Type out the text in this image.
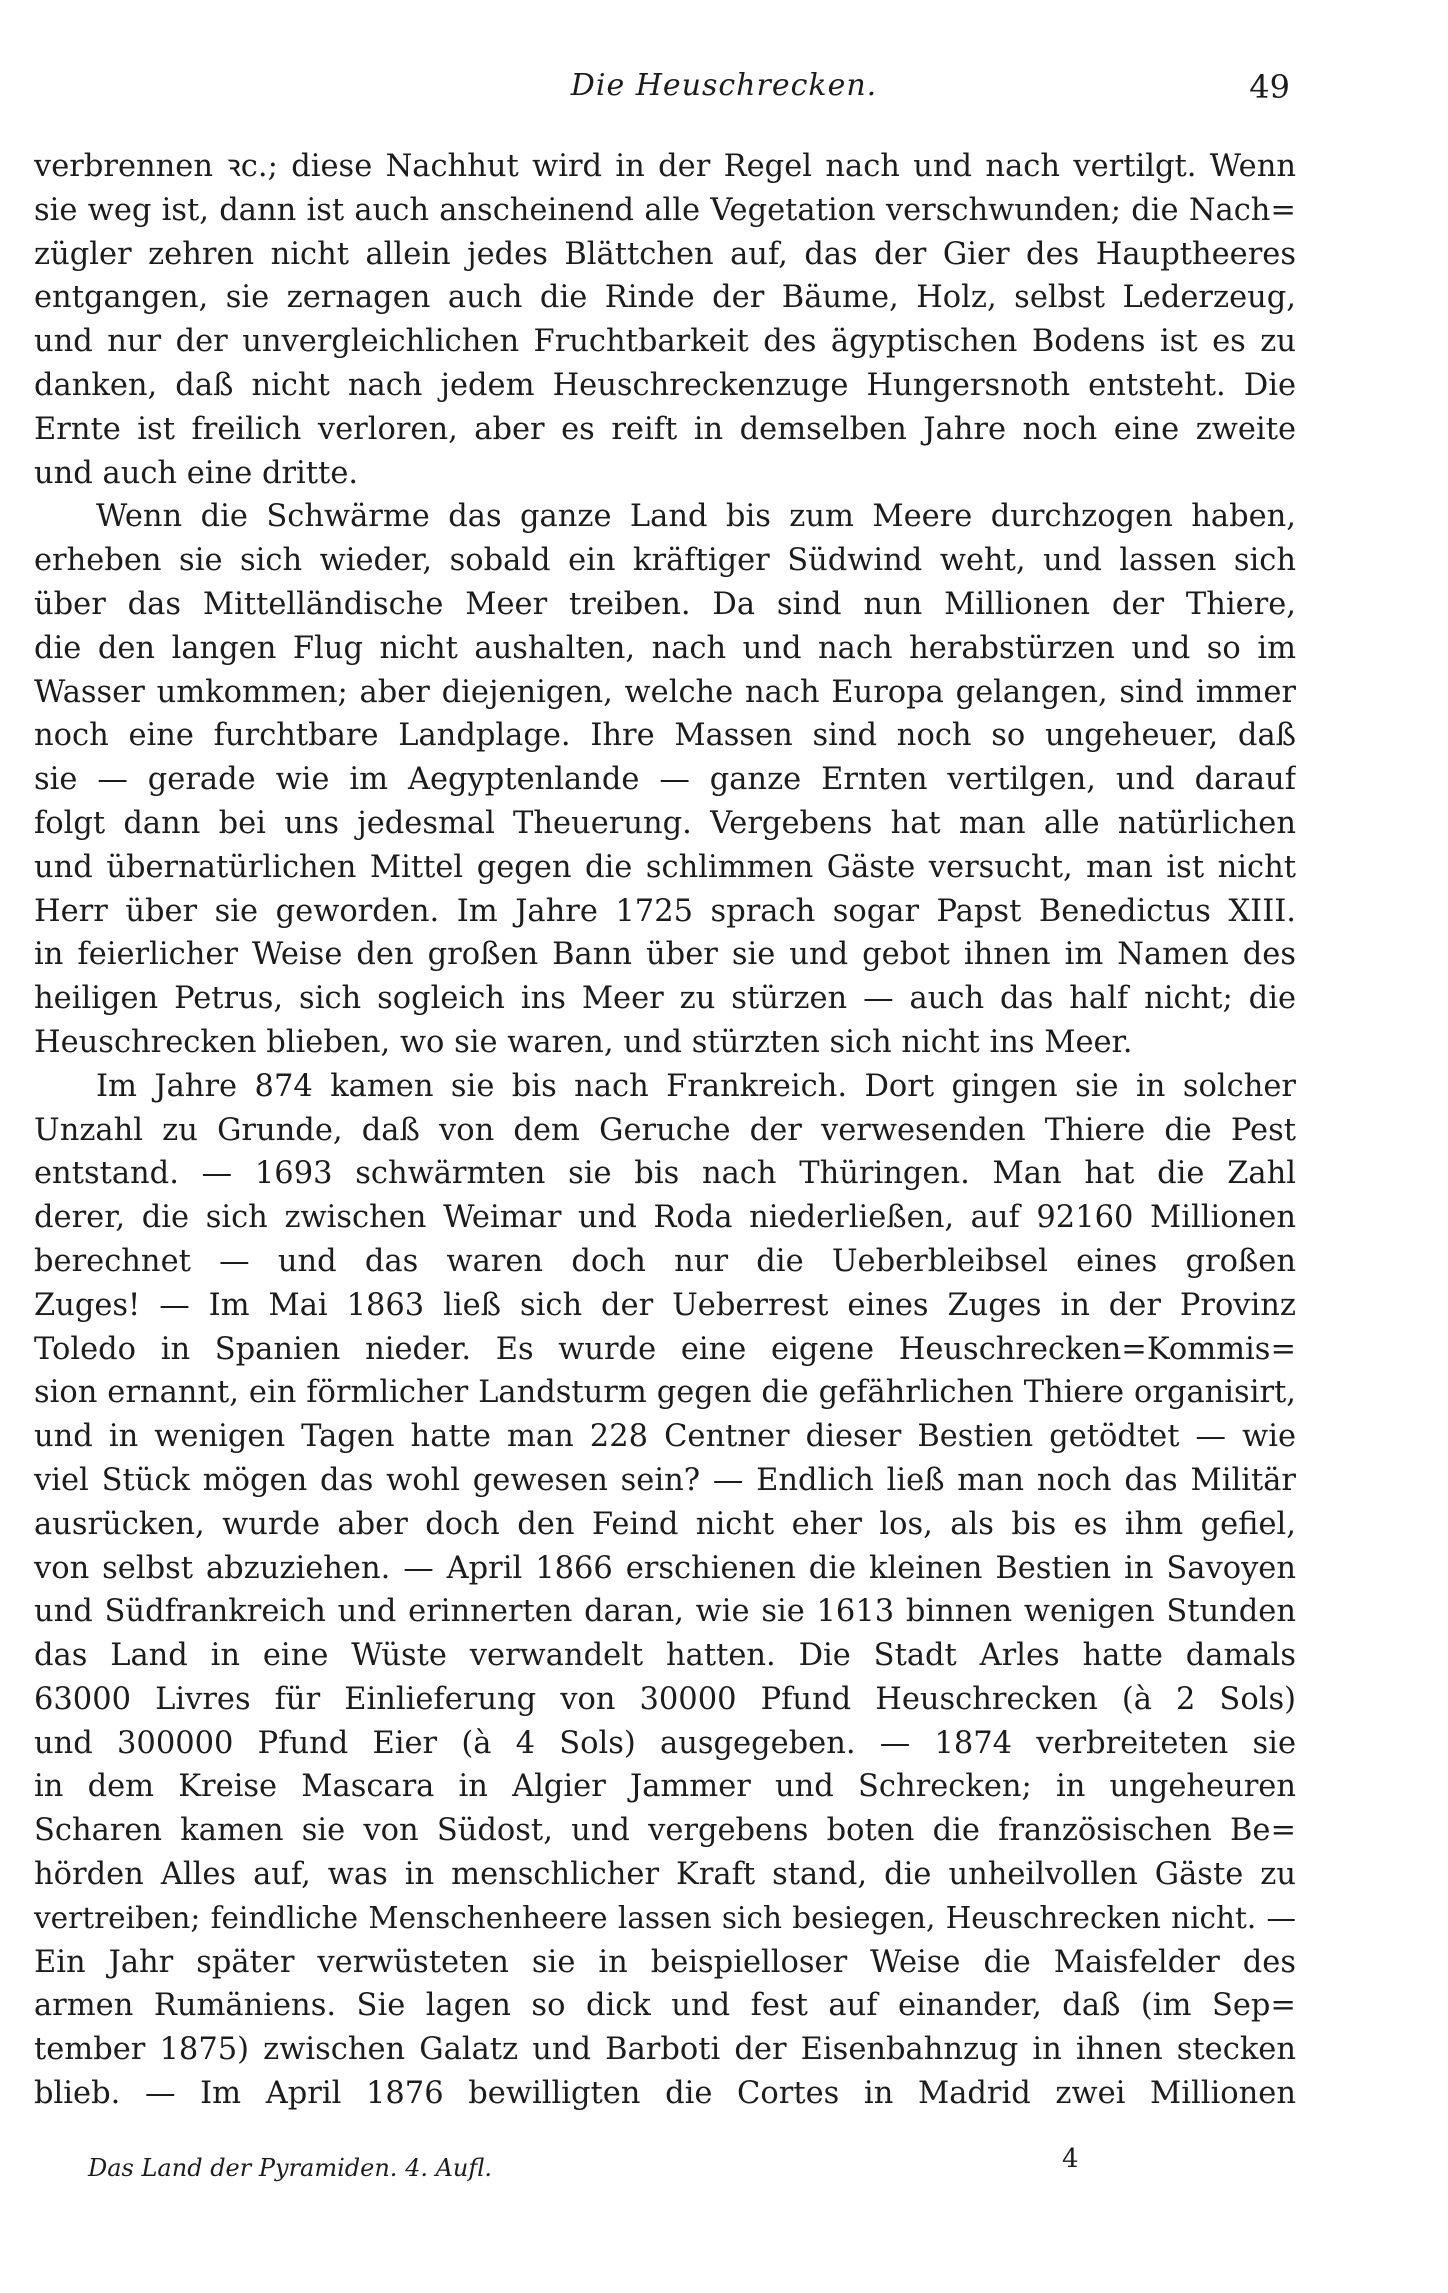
Die Heuschrecken.	49
verbrennen ꝛc.; diese Nachhut wird in der Regel nach und nach vertilgt. Wenn
sie weg ist, dann ist auch anscheinend alle Vegetation verschwunden; die Nach=
zügler zehren nicht allein jedes Blättchen auf, das der Gier des Hauptheeres
entgangen, sie zernagen auch die Rinde der Bäume, Holz, selbst Lederzeug,
und nur der unvergleichlichen Fruchtbarkeit des ägyptischen Bodens ist es zu
danken, daß nicht nach jedem Heuschreckenzuge Hungersnoth entsteht. Die
Ernte ist freilich verloren, aber es reift in demselben Jahre noch eine zweite
und auch eine dritte.
Wenn die Schwärme das ganze Land bis zum Meere durchzogen haben,
erheben sie sich wieder, sobald ein kräftiger Südwind weht, und lassen sich
über das Mittelländische Meer treiben. Da sind nun Millionen der Thiere,
die den langen Flug nicht aushalten, nach und nach herabstürzen und so im
Wasser umkommen; aber diejenigen, welche nach Europa gelangen, sind immer
noch eine furchtbare Landplage. Ihre Massen sind noch so ungeheuer, daß
sie — gerade wie im Aegyptenlande — ganze Ernten vertilgen, und darauf
folgt dann bei uns jedesmal Theuerung. Vergebens hat man alle natürlichen
und übernatürlichen Mittel gegen die schlimmen Gäste versucht, man ist nicht
Herr über sie geworden. Im Jahre 1725 sprach sogar Papst Benedictus XIII.
in feierlicher Weise den großen Bann über sie und gebot ihnen im Namen des
heiligen Petrus, sich sogleich ins Meer zu stürzen — auch das half nicht; die
Heuschrecken blieben, wo sie waren, und stürzten sich nicht ins Meer.
Im Jahre 874 kamen sie bis nach Frankreich. Dort gingen sie in solcher
Unzahl zu Grunde, daß von dem Geruche der verwesenden Thiere die Pest
entstand. — 1693 schwärmten sie bis nach Thüringen. Man hat die Zahl
derer, die sich zwischen Weimar und Roda niederließen, auf 92160 Millionen
berechnet — und das waren doch nur die Ueberbleibsel eines großen
Zuges! — Im Mai 1863 ließ sich der Ueberrest eines Zuges in der Provinz
Toledo in Spanien nieder. Es wurde eine eigene Heuschrecken=Kommis=
sion ernannt, ein förmlicher Landsturm gegen die gefährlichen Thiere organisirt,
und in wenigen Tagen hatte man 228 Centner dieser Bestien getödtet — wie
viel Stück mögen das wohl gewesen sein? — Endlich ließ man noch das Militär
ausrücken, wurde aber doch den Feind nicht eher los, als bis es ihm gefiel,
von selbst abzuziehen. — April 1866 erschienen die kleinen Bestien in Savoyen
und Südfrankreich und erinnerten daran, wie sie 1613 binnen wenigen Stunden
das Land in eine Wüste verwandelt hatten. Die Stadt Arles hatte damals
63000 Livres für Einlieferung von 30000 Pfund Heuschrecken (à 2 Sols)
und 300000 Pfund Eier (à 4 Sols) ausgegeben. — 1874 verbreiteten sie
in dem Kreise Mascara in Algier Jammer und Schrecken; in ungeheuren
Scharen kamen sie von Südost, und vergebens boten die französischen Be=
hörden Alles auf, was in menschlicher Kraft stand, die unheilvollen Gäste zu
vertreiben; feindliche Menschenheere lassen sich besiegen, Heuschrecken nicht. —
Ein Jahr später verwüsteten sie in beispielloser Weise die Maisfelder des
armen Rumäniens. Sie lagen so dick und fest auf einander, daß (im Sep=
tember 1875) zwischen Galatz und Barboti der Eisenbahnzug in ihnen stecken
blieb. — Im April 1876 bewilligten die Cortes in Madrid zwei Millionen
Das Land der Pyramiden. 4. Aufl.	4
